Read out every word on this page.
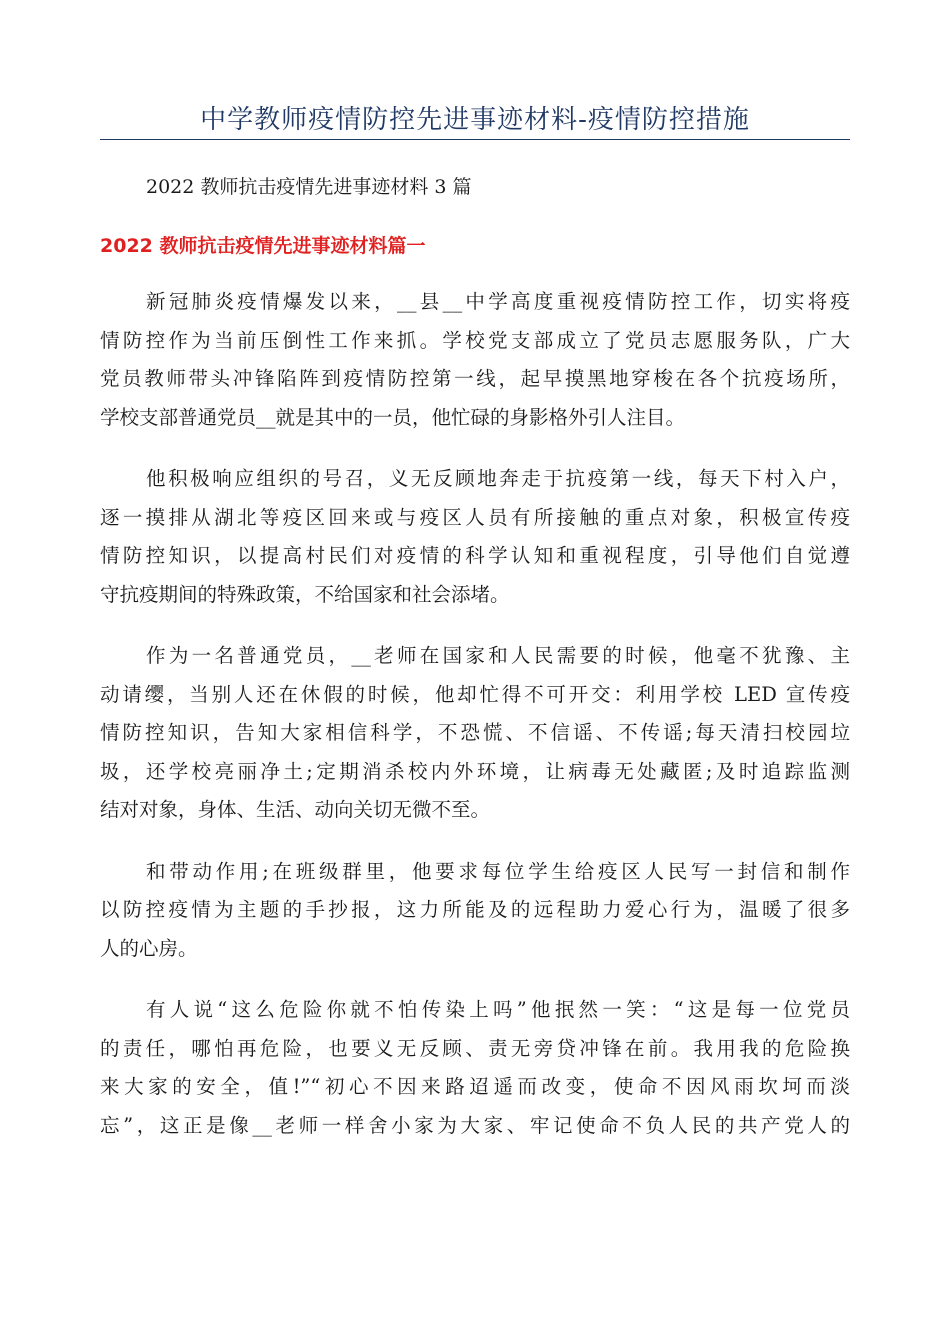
中学教师疫情防控先进事迹材料-疫情防控措施
2022 教师抗击疫情先进事迹材料 3 篇
2022 教师抗击疫情先进事迹材料篇一
新冠肺炎疫情爆发以来，__县__中学高度重视疫情防控工作，切实将疫
情防控作为当前压倒性工作来抓。学校党支部成立了党员志愿服务队，广大
党员教师带头冲锋陷阵到疫情防控第一线，起早摸黑地穿梭在各个抗疫场所，
学校支部普通党员__就是其中的一员，他忙碌的身影格外引人注目。
他积极响应组织的号召，义无反顾地奔走于抗疫第一线，每天下村入户，
逐一摸排从湖北等疫区回来或与疫区人员有所接触的重点对象，积极宣传疫
情防控知识，以提高村民们对疫情的科学认知和重视程度，引导他们自觉遵
守抗疫期间的特殊政策，不给国家和社会添堵。
作为一名普通党员，__老师在国家和人民需要的时候，他毫不犹豫、主
动请缨，当别人还在休假的时候，他却忙得不可开交：利用学校 LED 宣传疫
情防控知识，告知大家相信科学，不恐慌、不信谣、不传谣;每天清扫校园垃
圾，还学校亮丽净土;定期消杀校内外环境，让病毒无处藏匿;及时追踪监测
结对对象，身体、生活、动向关切无微不至。
和带动作用;在班级群里，他要求每位学生给疫区人民写一封信和制作
以防控疫情为主题的手抄报，这力所能及的远程助力爱心行为，温暖了很多
人的心房。
有人说“这么危险你就不怕传染上吗”他抿然一笑：“这是每一位党员
的责任，哪怕再危险，也要义无反顾、责无旁贷冲锋在前。我用我的危险换
来大家的安全，值!”“初心不因来路迢遥而改变，使命不因风雨坎坷而淡
忘”，这正是像__老师一样舍小家为大家、牢记使命不负人民的共产党人的
